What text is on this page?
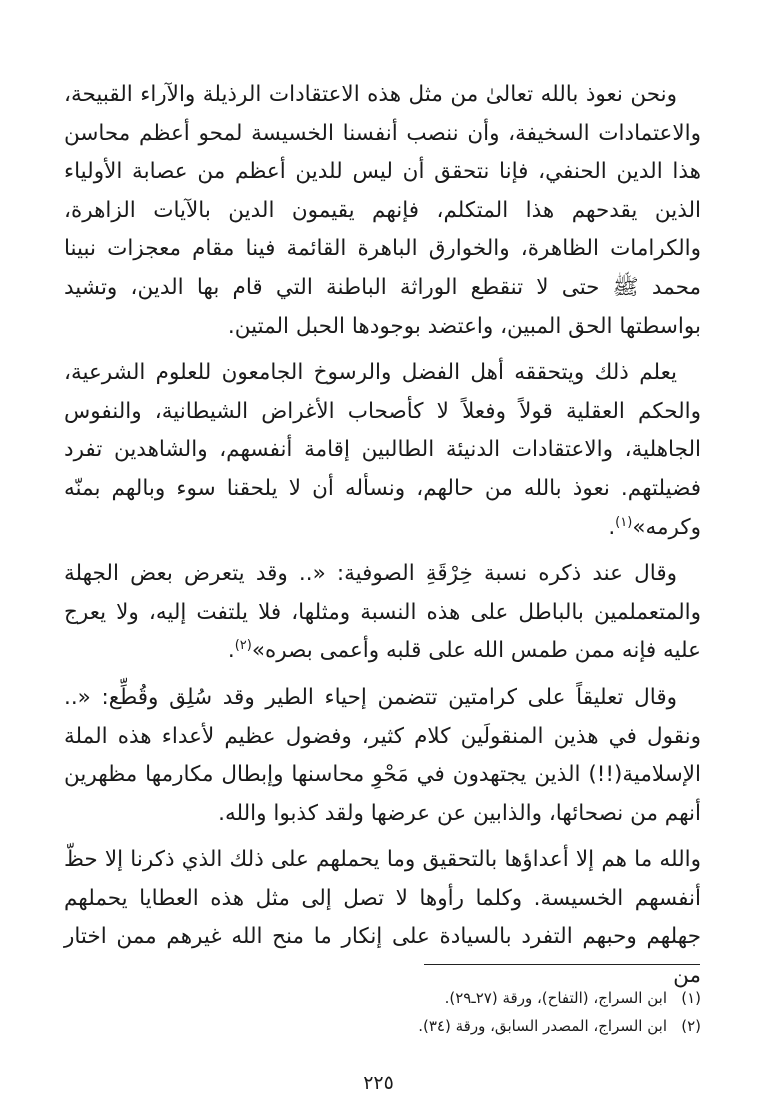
ونحن نعوذ بالله تعالىٰ من مثل هذه الاعتقادات الرذيلة والآراء القبيحة، والاعتمادات السخيفة، وأن ننصب أنفسنا الخسيسة لمحو أعظم محاسن هذا الدين الحنفي، فإنا نتحقق أن ليس للدين أعظم من عصابة الأولياء الذين يقدحهم هذا المتكلم، فإنهم يقيمون الدين بالآيات الزاهرة، والكرامات الظاهرة، والخوارق الباهرة القائمة فينا مقام معجزات نبينا محمد ﷺ حتى لا تنقطع الوراثة الباطنة التي قام بها الدين، وتشيد بواسطتها الحق المبين، واعتضد بوجودها الحبل المتين.

يعلم ذلك ويتحققه أهل الفضل والرسوخ الجامعون للعلوم الشرعية، والحكم العقلية قولاً وفعلاً لا كأصحاب الأغراض الشيطانية، والنفوس الجاهلية، والاعتقادات الدنيئة الطالبين إقامة أنفسهم، والشاهدين تفرد فضيلتهم. نعوذ بالله من حالهم، ونسأله أن لا يلحقنا سوء وبالهم بمنّه وكرمه»$^{(١)}$.

وقال عند ذكره نسبة خِرْقَةِ الصوفية: «.. وقد يتعرض بعض الجهلة والمتعملمين بالباطل على هذه النسبة ومثلها، فلا يلتفت إليه، ولا يعرج عليه فإنه ممن طمس الله على قلبه وأعمى بصره»$^{(٢)}$.

وقال تعليقاً على كرامتين تتضمن إحياء الطير وقد سُلِق وقُطِّع: «.. ونقول في هذين المنقولَين كلام كثير، وفضول عظيم لأعداء هذه الملة الإسلامية(!!) الذين يجتهدون في مَحْوِ محاسنها وإبطال مكارمها مظهرين أنهم من نصحائها، والذابين عن عرضها ولقد كذبوا والله.

والله ما هم إلا أعداؤها بالتحقيق وما يحملهم على ذلك الذي ذكرنا إلا حظّ أنفسهم الخسيسة. وكلما رأوها لا تصل إلى مثل هذه العطايا يحملهم جهلهم وحبهم التفرد بالسيادة على إنكار ما منح الله غيرهم ممن اختار من

(١)ابن السراج، (التفاح)، ورقة (٢٧ـ٢٩).

(٢)ابن السراج، المصدر السابق، ورقة (٣٤).

٢٢٥
